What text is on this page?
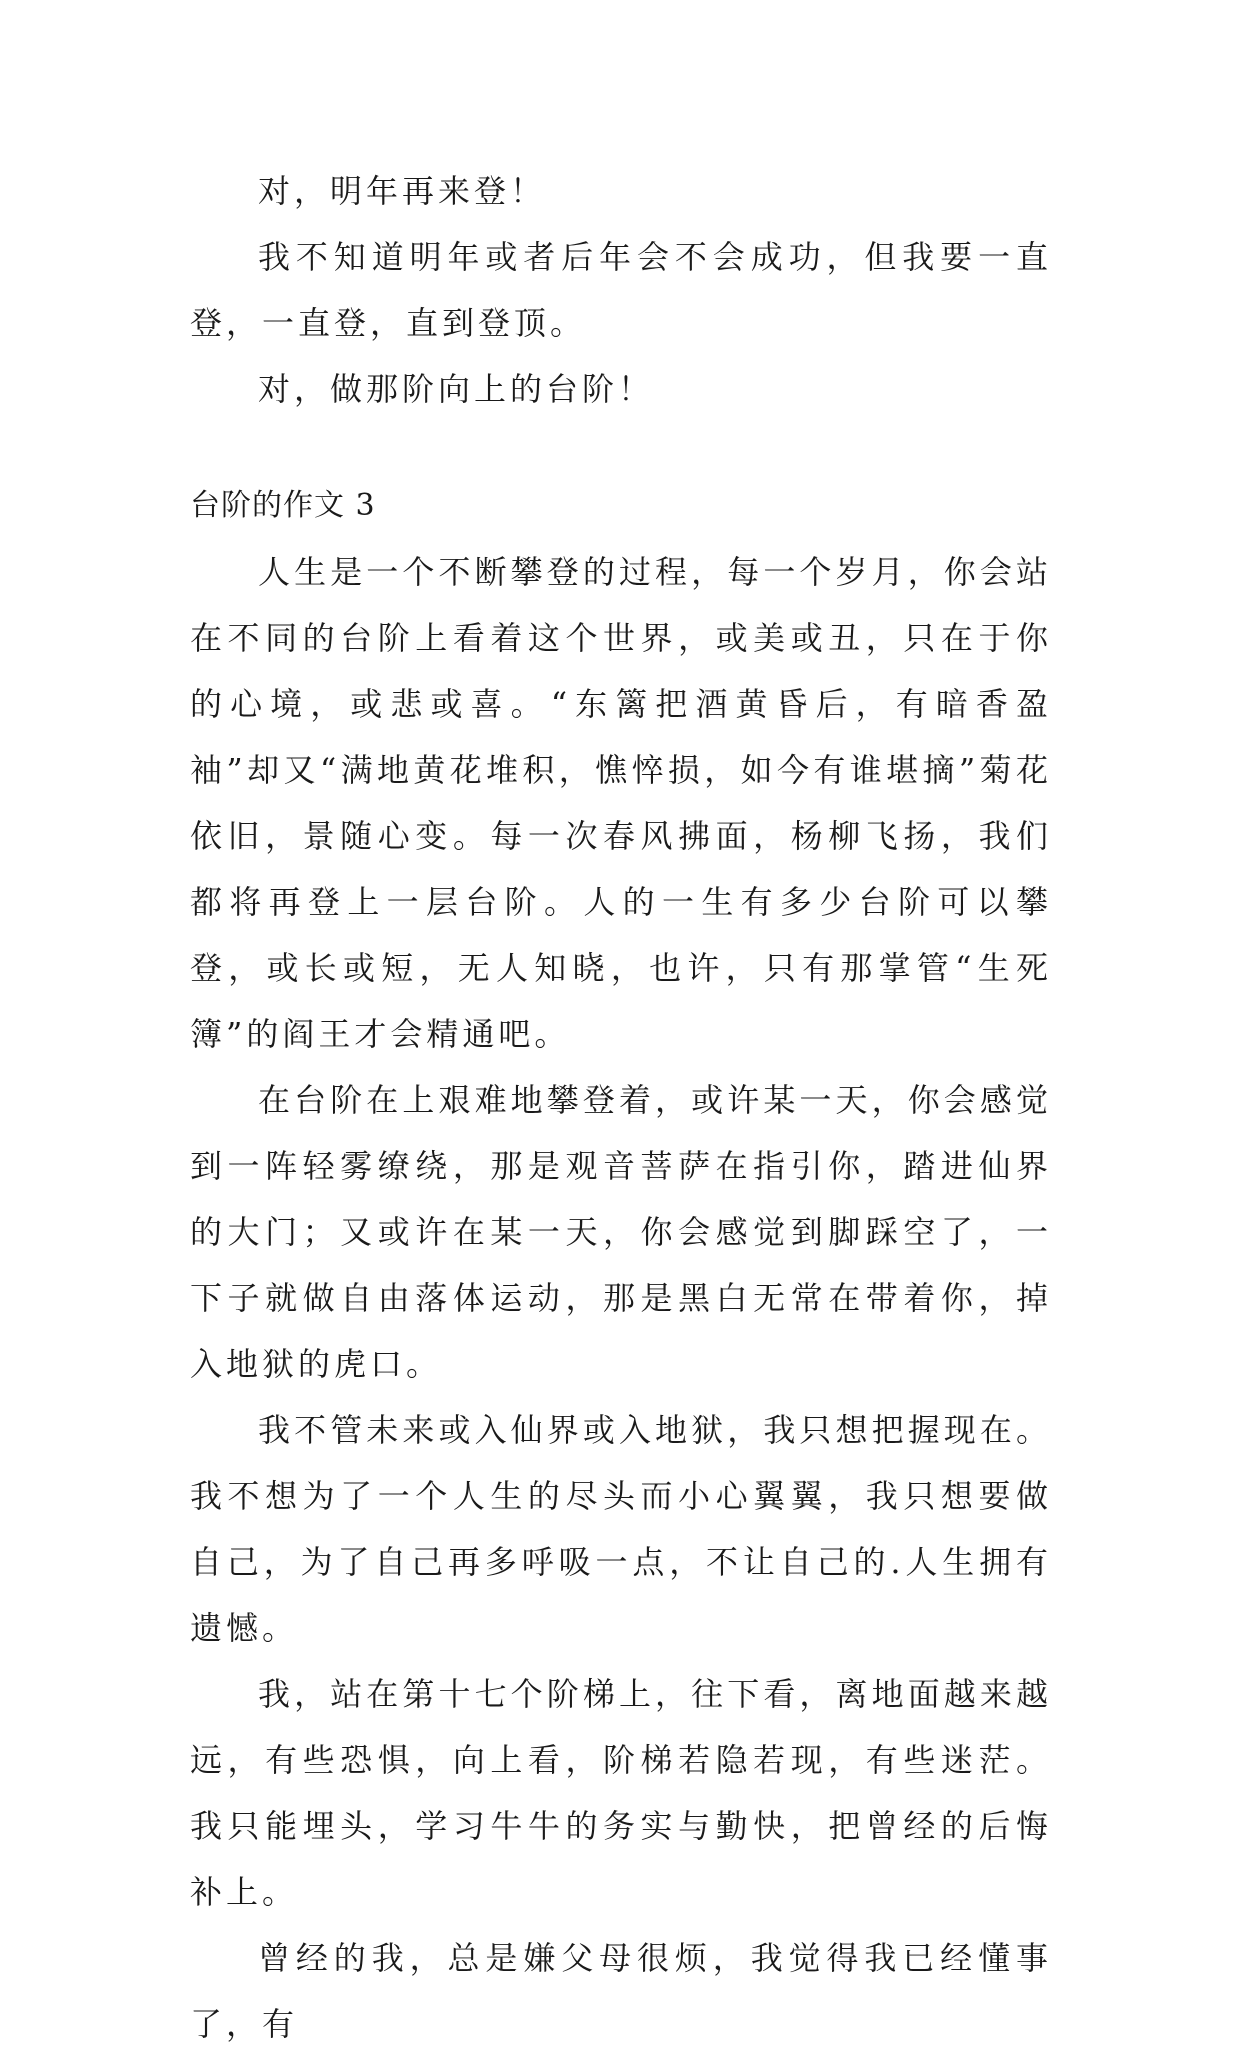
对，明年再来登！

我不知道明年或者后年会不会成功，但我要一直登，一直登，直到登顶。

对，做那阶向上的台阶！

台阶的作文 3

人生是一个不断攀登的过程，每一个岁月，你会站在不同的台阶上看着这个世界，或美或丑，只在于你的心境，或悲或喜。“东篱把酒黄昏后，有暗香盈袖”却又“满地黄花堆积，憔悴损，如今有谁堪摘”菊花依旧，景随心变。每一次春风拂面，杨柳飞扬，我们都将再登上一层台阶。人的一生有多少台阶可以攀登，或长或短，无人知晓，也许，只有那掌管“生死簿”的阎王才会精通吧。

在台阶在上艰难地攀登着，或许某一天，你会感觉到一阵轻雾缭绕，那是观音菩萨在指引你，踏进仙界的大门；又或许在某一天，你会感觉到脚踩空了，一下子就做自由落体运动，那是黑白无常在带着你，掉入地狱的虎口。

我不管未来或入仙界或入地狱，我只想把握现在。我不想为了一个人生的尽头而小心翼翼，我只想要做自己，为了自己再多呼吸一点，不让自己的.人生拥有遗憾。

我，站在第十七个阶梯上，往下看，离地面越来越远，有些恐惧，向上看，阶梯若隐若现，有些迷茫。我只能埋头，学习牛牛的务实与勤快，把曾经的后悔补上。

曾经的我，总是嫌父母很烦，我觉得我已经懂事了，有
